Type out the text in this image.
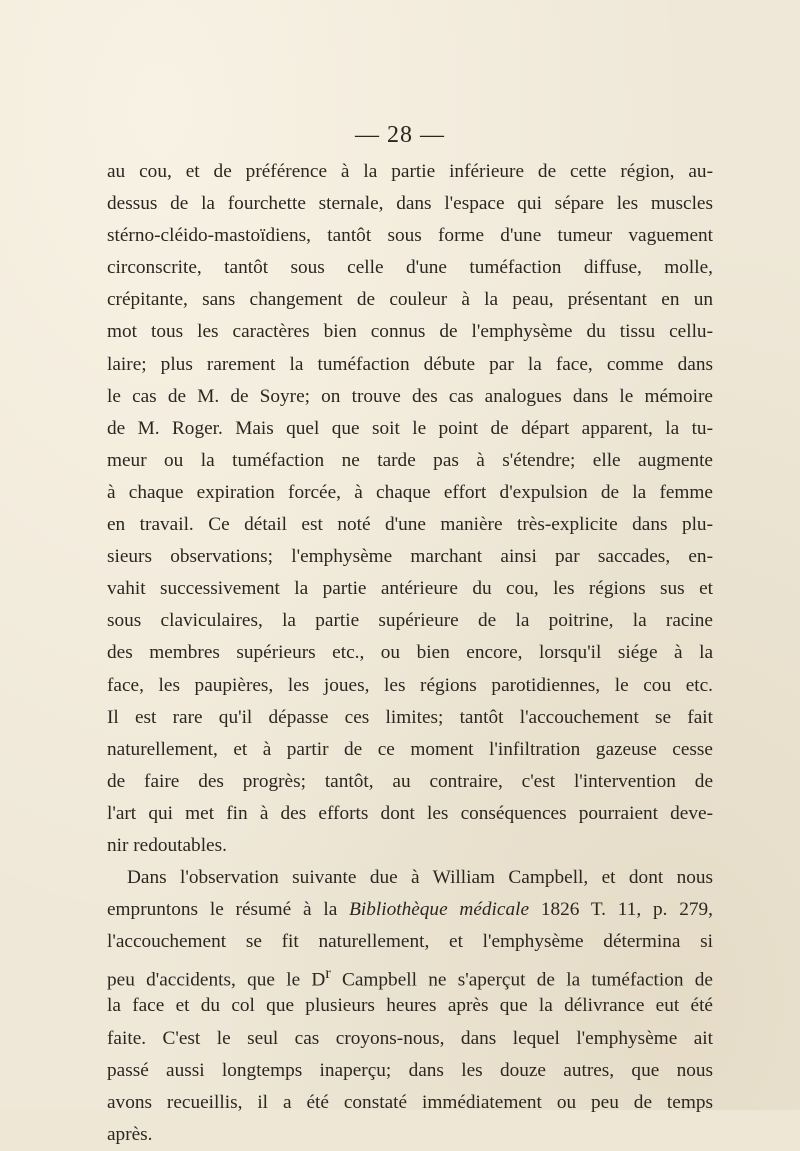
— 28 —
au cou, et de préférence à la partie inférieure de cette région, au-
dessus de la fourchette sternale, dans l'espace qui sépare les muscles
stérno-cléido-mastoïdiens, tantôt sous forme d'une tumeur vaguement
circonscrite, tantôt sous celle d'une tuméfaction diffuse, molle,
crépitante, sans changement de couleur à la peau, présentant en un
mot tous les caractères bien connus de l'emphysème du tissu cellu-
laire; plus rarement la tuméfaction débute par la face, comme dans
le cas de M. de Soyre; on trouve des cas analogues dans le mémoire
de M. Roger. Mais quel que soit le point de départ apparent, la tu-
meur ou la tuméfaction ne tarde pas à s'étendre; elle augmente
à chaque expiration forcée, à chaque effort d'expulsion de la femme
en travail. Ce détail est noté d'une manière très-explicite dans plu-
sieurs observations; l'emphysème marchant ainsi par saccades, en-
vahit successivement la partie antérieure du cou, les régions sus et
sous claviculaires, la partie supérieure de la poitrine, la racine
des membres supérieurs etc., ou bien encore, lorsqu'il siége à la
face, les paupières, les joues, les régions parotidiennes, le cou etc.
Il est rare qu'il dépasse ces limites; tantôt l'accouchement se fait
naturellement, et à partir de ce moment l'infiltration gazeuse cesse
de faire des progrès; tantôt, au contraire, c'est l'intervention de
l'art qui met fin à des efforts dont les conséquences pourraient deve-
nir redoutables.
Dans l'observation suivante due à William Campbell, et dont nous
empruntons le résumé à la Bibliothèque médicale 1826 T. 11, p. 279,
l'accouchement se fit naturellement, et l'emphysème détermina si
peu d'accidents, que le $D^r$ Campbell ne s'aperçut de la tuméfaction de
la face et du col que plusieurs heures après que la délivrance eut été
faite. C'est le seul cas croyons-nous, dans lequel l'emphysème ait
passé aussi longtemps inaperçu; dans les douze autres, que nous
avons recueillis, il a été constaté immédiatement ou peu de temps
après.
